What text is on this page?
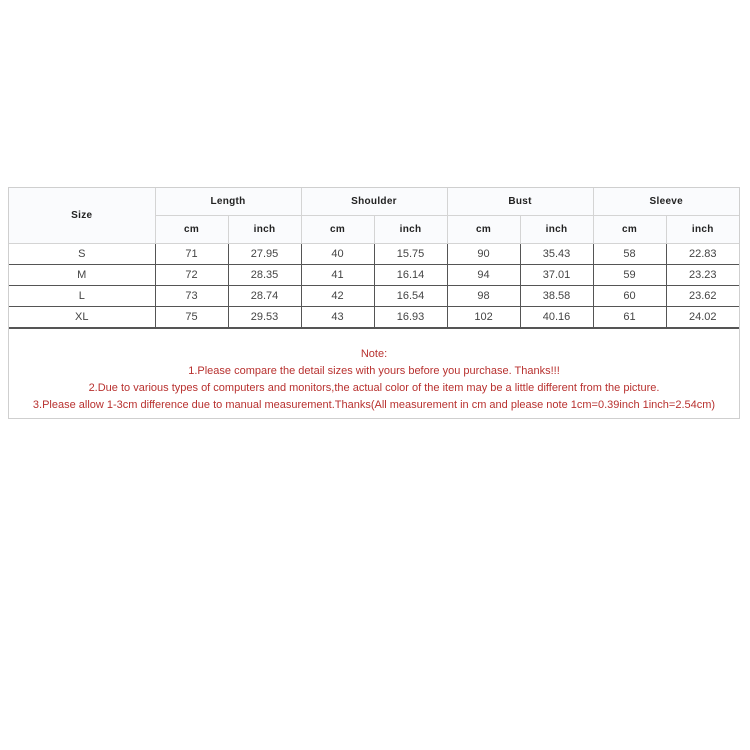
Size	Length		Shoulder		Bust		Sleeve	
	cm	inch	cm	inch	cm	inch	cm	inch
S	71	27.95	40	15.75	90	35.43	58	22.83
M	72	28.35	41	16.14	94	37.01	59	23.23
L	73	28.74	42	16.54	98	38.58	60	23.62
XL	75	29.53	43	16.93	102	40.16	61	24.02
Note:
1.Please compare the detail sizes with yours before you purchase. Thanks!!!
2.Due to various types of computers and monitors,the actual color of the item may be a little different from the picture.
3.Please allow 1-3cm difference due to manual measurement.Thanks(All measurement in cm and please note 1cm=0.39inch 1inch=2.54cm)
